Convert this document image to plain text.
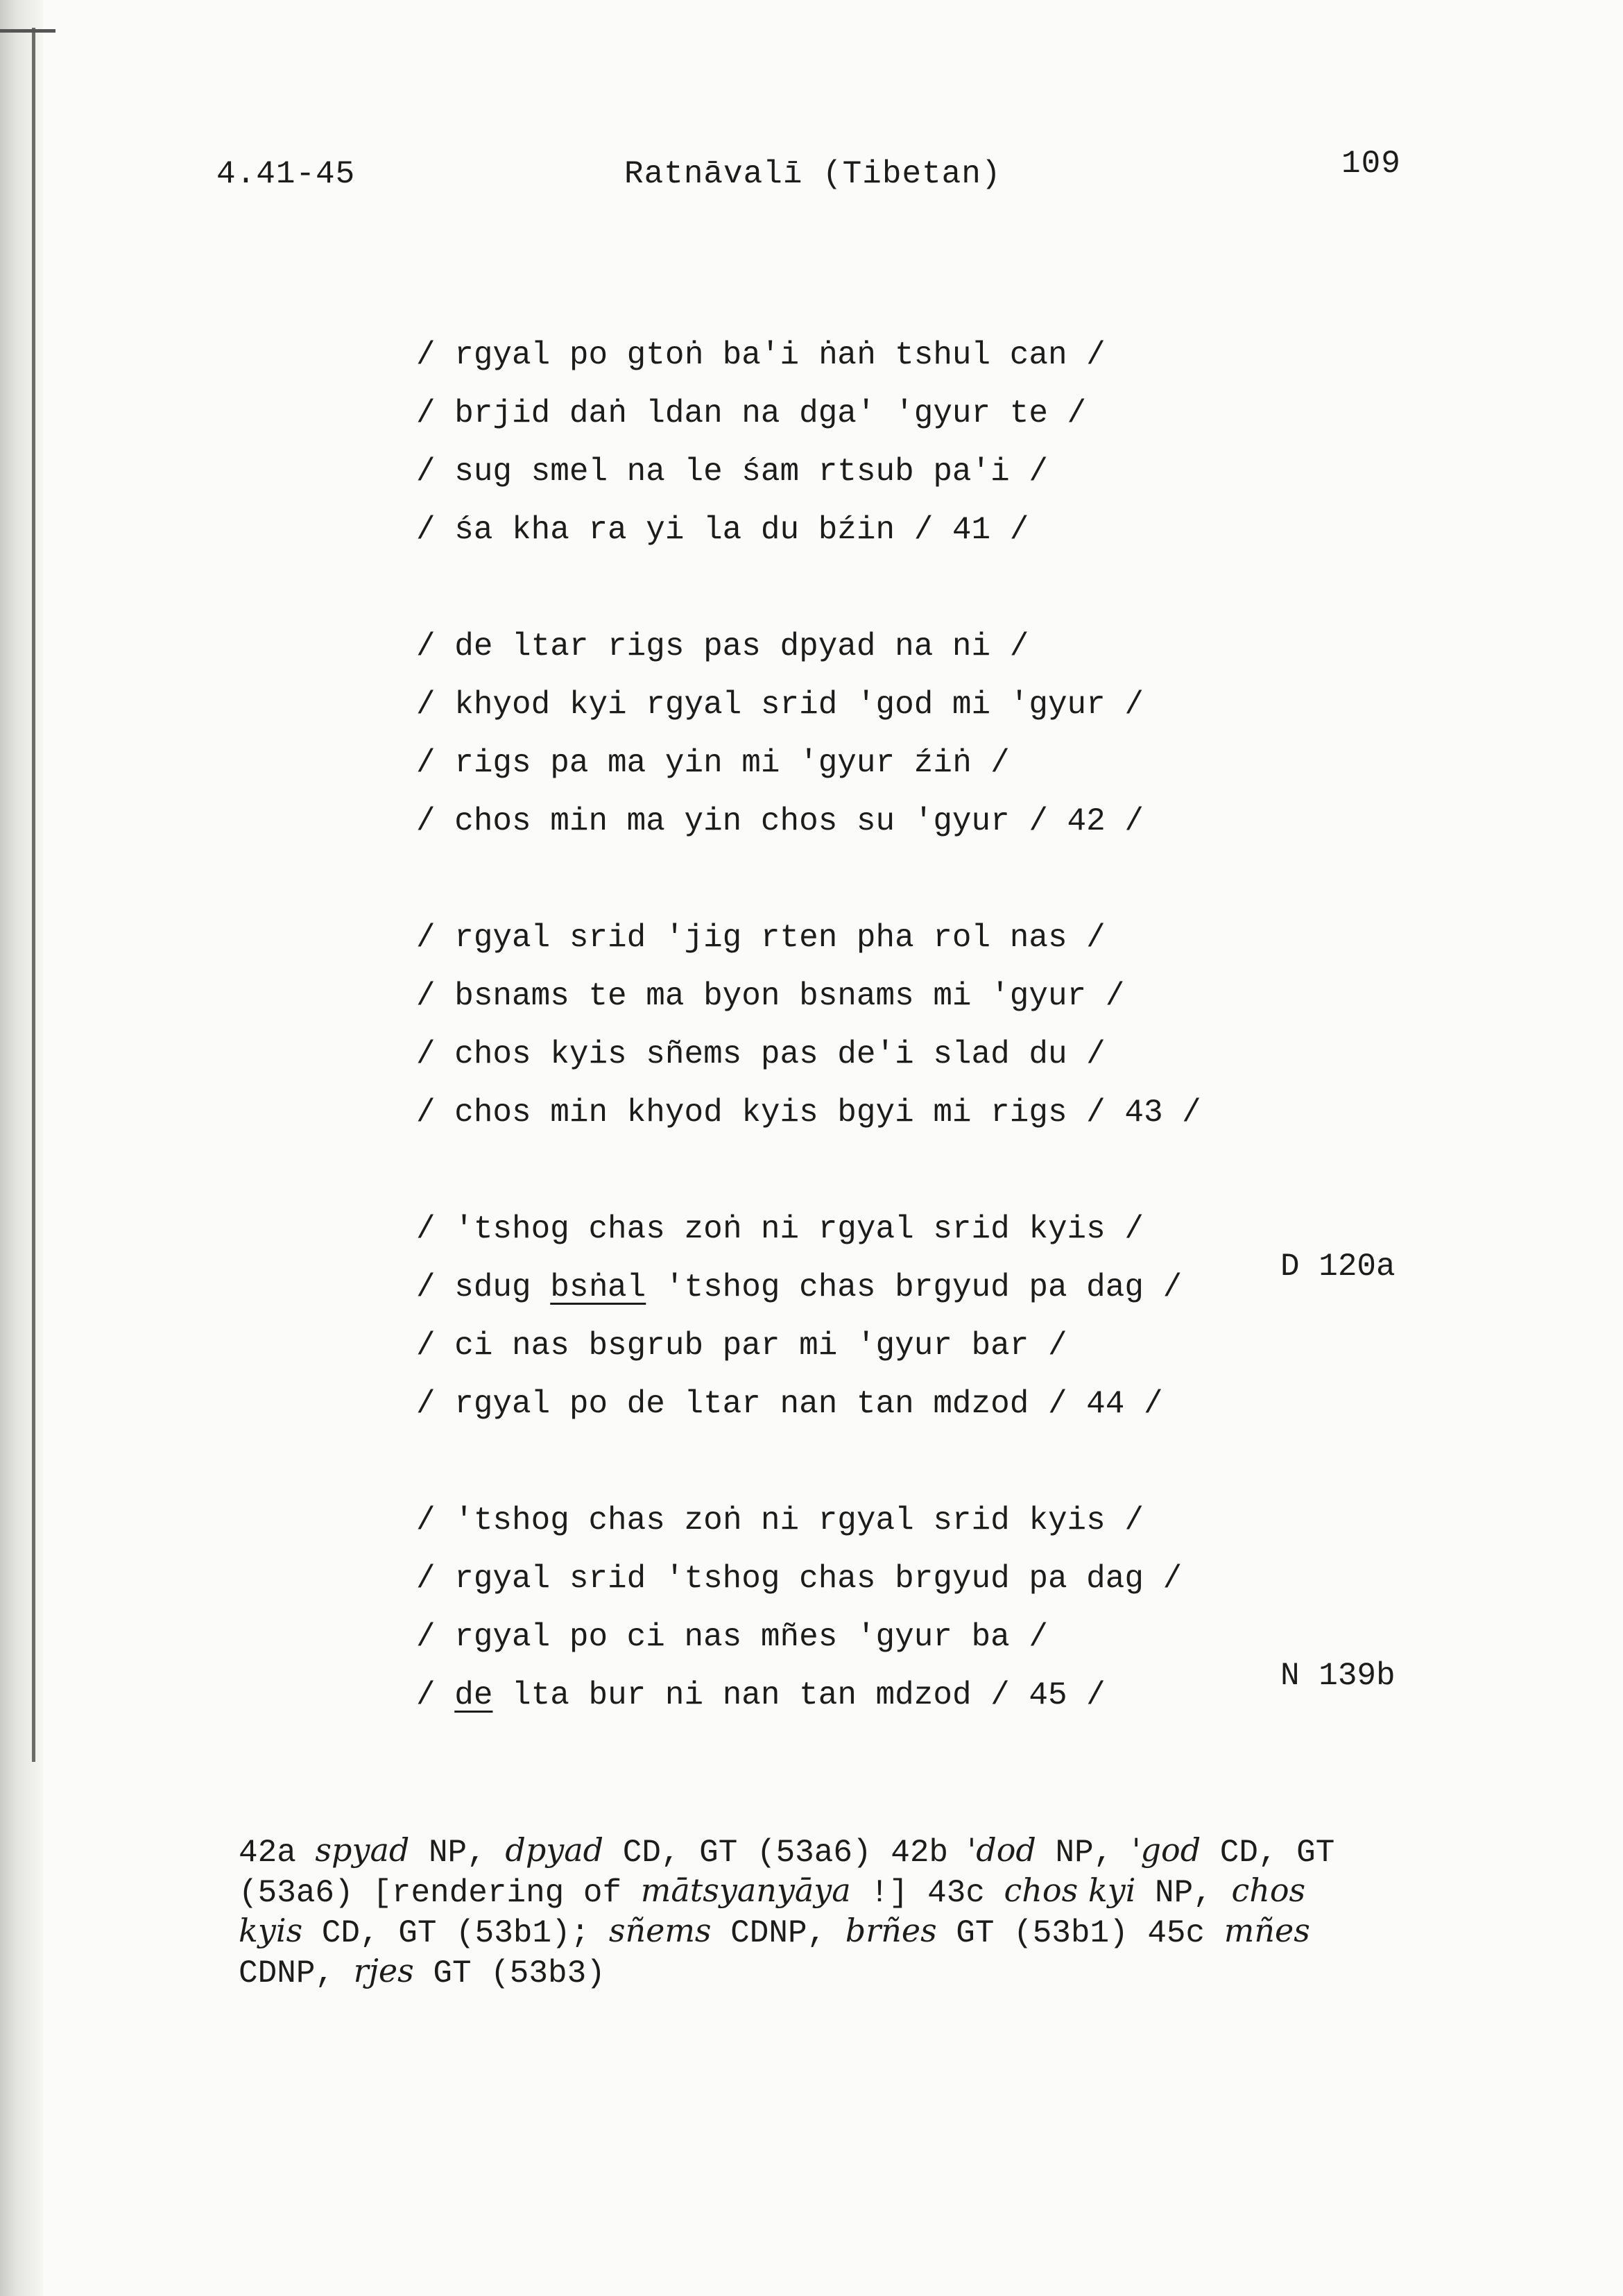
4.41-45	Ratnāvalī (Tibetan)	109
/ rgyal po gtoṅ ba'i ṅaṅ tshul can /
/ brjid daṅ ldan na dga' 'gyur te /
/ sug smel na le śam rtsub pa'i /
/ śa kha ra yi la du bźin / 41 /
/ de ltar rigs pas dpyad na ni /
/ khyod kyi rgyal srid 'god mi 'gyur /
/ rigs pa ma yin mi 'gyur źiṅ /
/ chos min ma yin chos su 'gyur / 42 /
/ rgyal srid 'jig rten pha rol nas /
/ bsnams te ma byon bsnams mi 'gyur /
/ chos kyis sñems pas de'i slad du /
/ chos min khyod kyis bgyi mi rigs / 43 /
/ 'tshog chas zoṅ ni rgyal srid kyis /
/ sdug bsṅal 'tshog chas brgyud pa dag /
/ ci nas bsgrub par mi 'gyur bar /
/ rgyal po de ltar nan tan mdzod / 44 /
/ 'tshog chas zoṅ ni rgyal srid kyis /
/ rgyal srid 'tshog chas brgyud pa dag /
/ rgyal po ci nas mñes 'gyur ba /
/ de lta bur ni nan tan mdzod / 45 /
D 120a
N 139b

42a spyad NP, dpyad CD, GT (53a6) 42b 'dod NP, 'god CD, GT

(53a6) [rendering of mātsyanyāya !] 43c chos kyi NP, chos

kyis CD, GT (53b1); sñems CDNP, brñes GT (53b1) 45c mñes

CDNP, rjes GT (53b3)
